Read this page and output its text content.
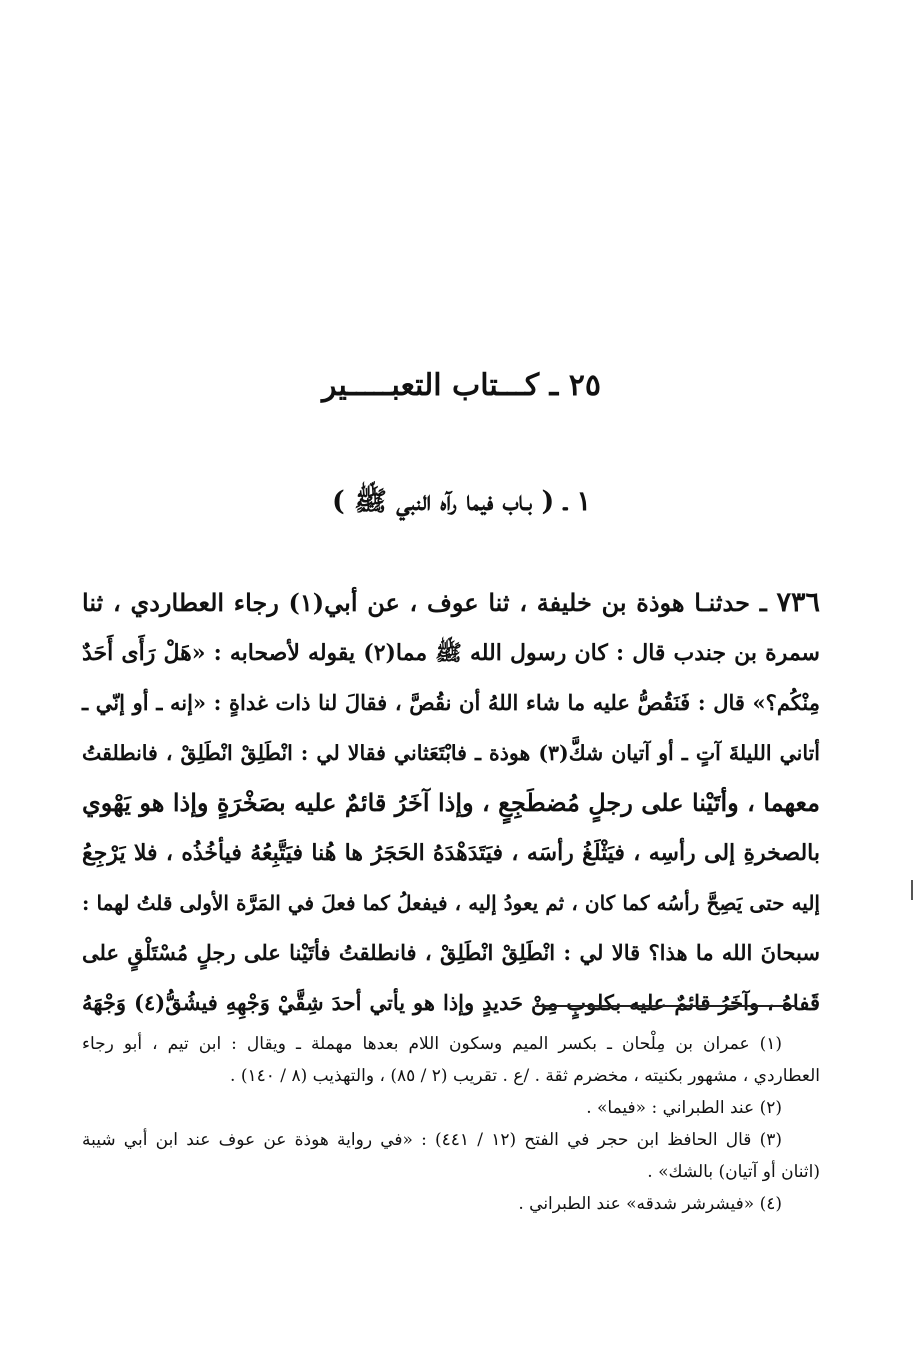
٢٥ ـ كـــتاب التعبـــــير
١ ـ ( بـاب فيما رآه النبي ﷺ )
٧٣٦ ـ حدثنـا هوذة بن خليفة ، ثنا عوف ، عن أبي(١) رجاء العطاردي ، ثنا
سمرة بن جندب قال : كان رسول الله ﷺ مما(٢) يقوله لأصحابه : «هَلْ رَأَى أَحَدٌ
مِنْكُم؟» قال : فَنَقُصُّ عليه ما شاء اللهُ أن نقُصَّ ، فقالَ لنا ذات غداةٍ : «إنه ـ أو إنّي ـ
أتاني الليلةَ آتٍ ـ أو آتيان شكَّ(٣) هوذة ـ فابْتَعَثاني فقالا لي : انْطَلِقْ انْطَلِقْ ، فانطلقتُ
معهما ، وأتَيْنا على رجلٍ مُضطَجِعٍ ، وإذا آخَرُ قائمٌ عليه بصَخْرَةٍ وإذا هو يَهْوي
بالصخرةِ إلى رأسِه ، فيَثْلَغُ رأسَه ، فيَتَدَهْدَهُ الحَجَرُ ها هُنا فيَتَّبِعُهُ فيأخُذُه ، فلا يَرْجِعُ
إليه حتى يَصِحَّ رأسُه كما كان ، ثم يعودُ إليه ، فيفعلُ كما فعلَ في المَرَّة الأولى قلتُ لهما :
سبحانَ الله ما هذا؟ قالا لي : انْطَلِقْ انْطَلِقْ ، فانطلقتُ فأتَيْنا على رجلٍ مُسْتَلْقٍ على
قَفاهُ ، وآخَرُ قائمٌ عليه بكلوبٍ مِنْ حَديدٍ وإذا هو يأتي أحدَ شِقَّيْ وَجْهِهِ فيشُقُّ(٤) وَجْهَهُ
(١) عمران بن مِلْحان ـ بكسر الميم وسكون اللام بعدها مهملة ـ ويقال : ابن تيم ، أبو رجاء
العطاردي ، مشهور بكنيته ، مخضرم ثقة . /ع . تقريب (٢ / ٨٥) ، والتهذيب (٨ / ١٤٠) .
(٢) عند الطبراني : «فيما» .
(٣) قال الحافظ ابن حجر في الفتح (١٢ / ٤٤١) : «في رواية هوذة عن عوف عند ابن أبي شيبة
(اثنان أو آتيان) بالشك» .
(٤) «فيشرشر شدقه» عند الطبراني .
